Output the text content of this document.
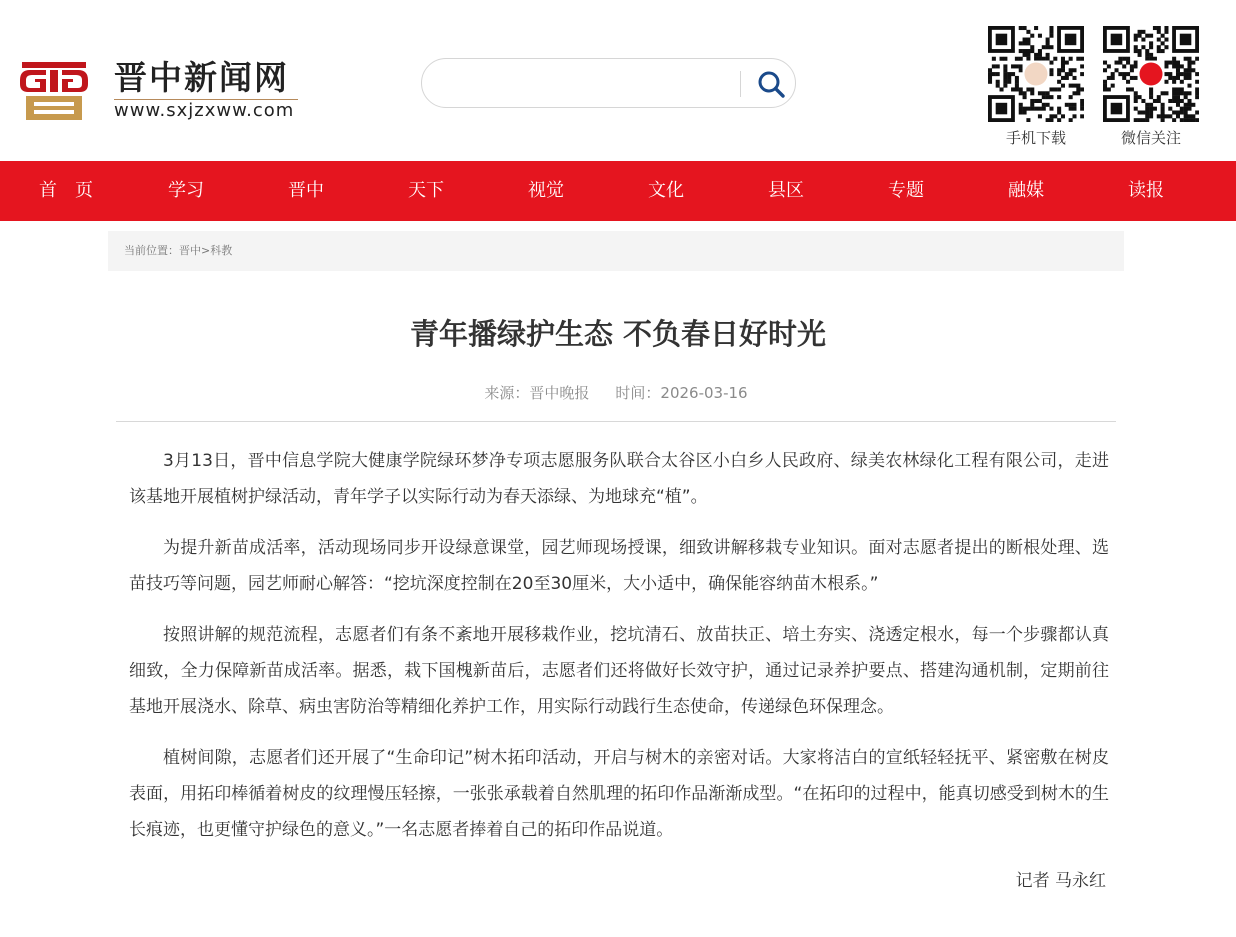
晋中新闻网
www.sxjzxww.com
手机下载	微信关注
首　页	学习	晋中	天下	视觉	文化	县区	专题	融媒	读报
当前位置：晋中>科教
青年播绿护生态 不负春日好时光
来源：晋中晚报 时间：2026-03-16

3月13日，晋中信息学院大健康学院绿环梦净专项志愿服务队联合太谷区小白乡人民政府、绿美农林绿化工程有限公司，走进该基地开展植树护绿活动，青年学子以实际行动为春天添绿、为地球充“植”。

为提升新苗成活率，活动现场同步开设绿意课堂，园艺师现场授课，细致讲解移栽专业知识。面对志愿者提出的断根处理、选苗技巧等问题，园艺师耐心解答：“挖坑深度控制在20至30厘米，大小适中，确保能容纳苗木根系。”

按照讲解的规范流程，志愿者们有条不紊地开展移栽作业，挖坑清石、放苗扶正、培土夯实、浇透定根水，每一个步骤都认真细致，全力保障新苗成活率。据悉，栽下国槐新苗后，志愿者们还将做好长效守护，通过记录养护要点、搭建沟通机制，定期前往基地开展浇水、除草、病虫害防治等精细化养护工作，用实际行动践行生态使命，传递绿色环保理念。

植树间隙，志愿者们还开展了“生命印记”树木拓印活动，开启与树木的亲密对话。大家将洁白的宣纸轻轻抚平、紧密敷在树皮表面，用拓印棒循着树皮的纹理慢压轻擦，一张张承载着自然肌理的拓印作品渐渐成型。“在拓印的过程中，能真切感受到树木的生长痕迹，也更懂守护绿色的意义。”一名志愿者捧着自己的拓印作品说道。

记者 马永红
